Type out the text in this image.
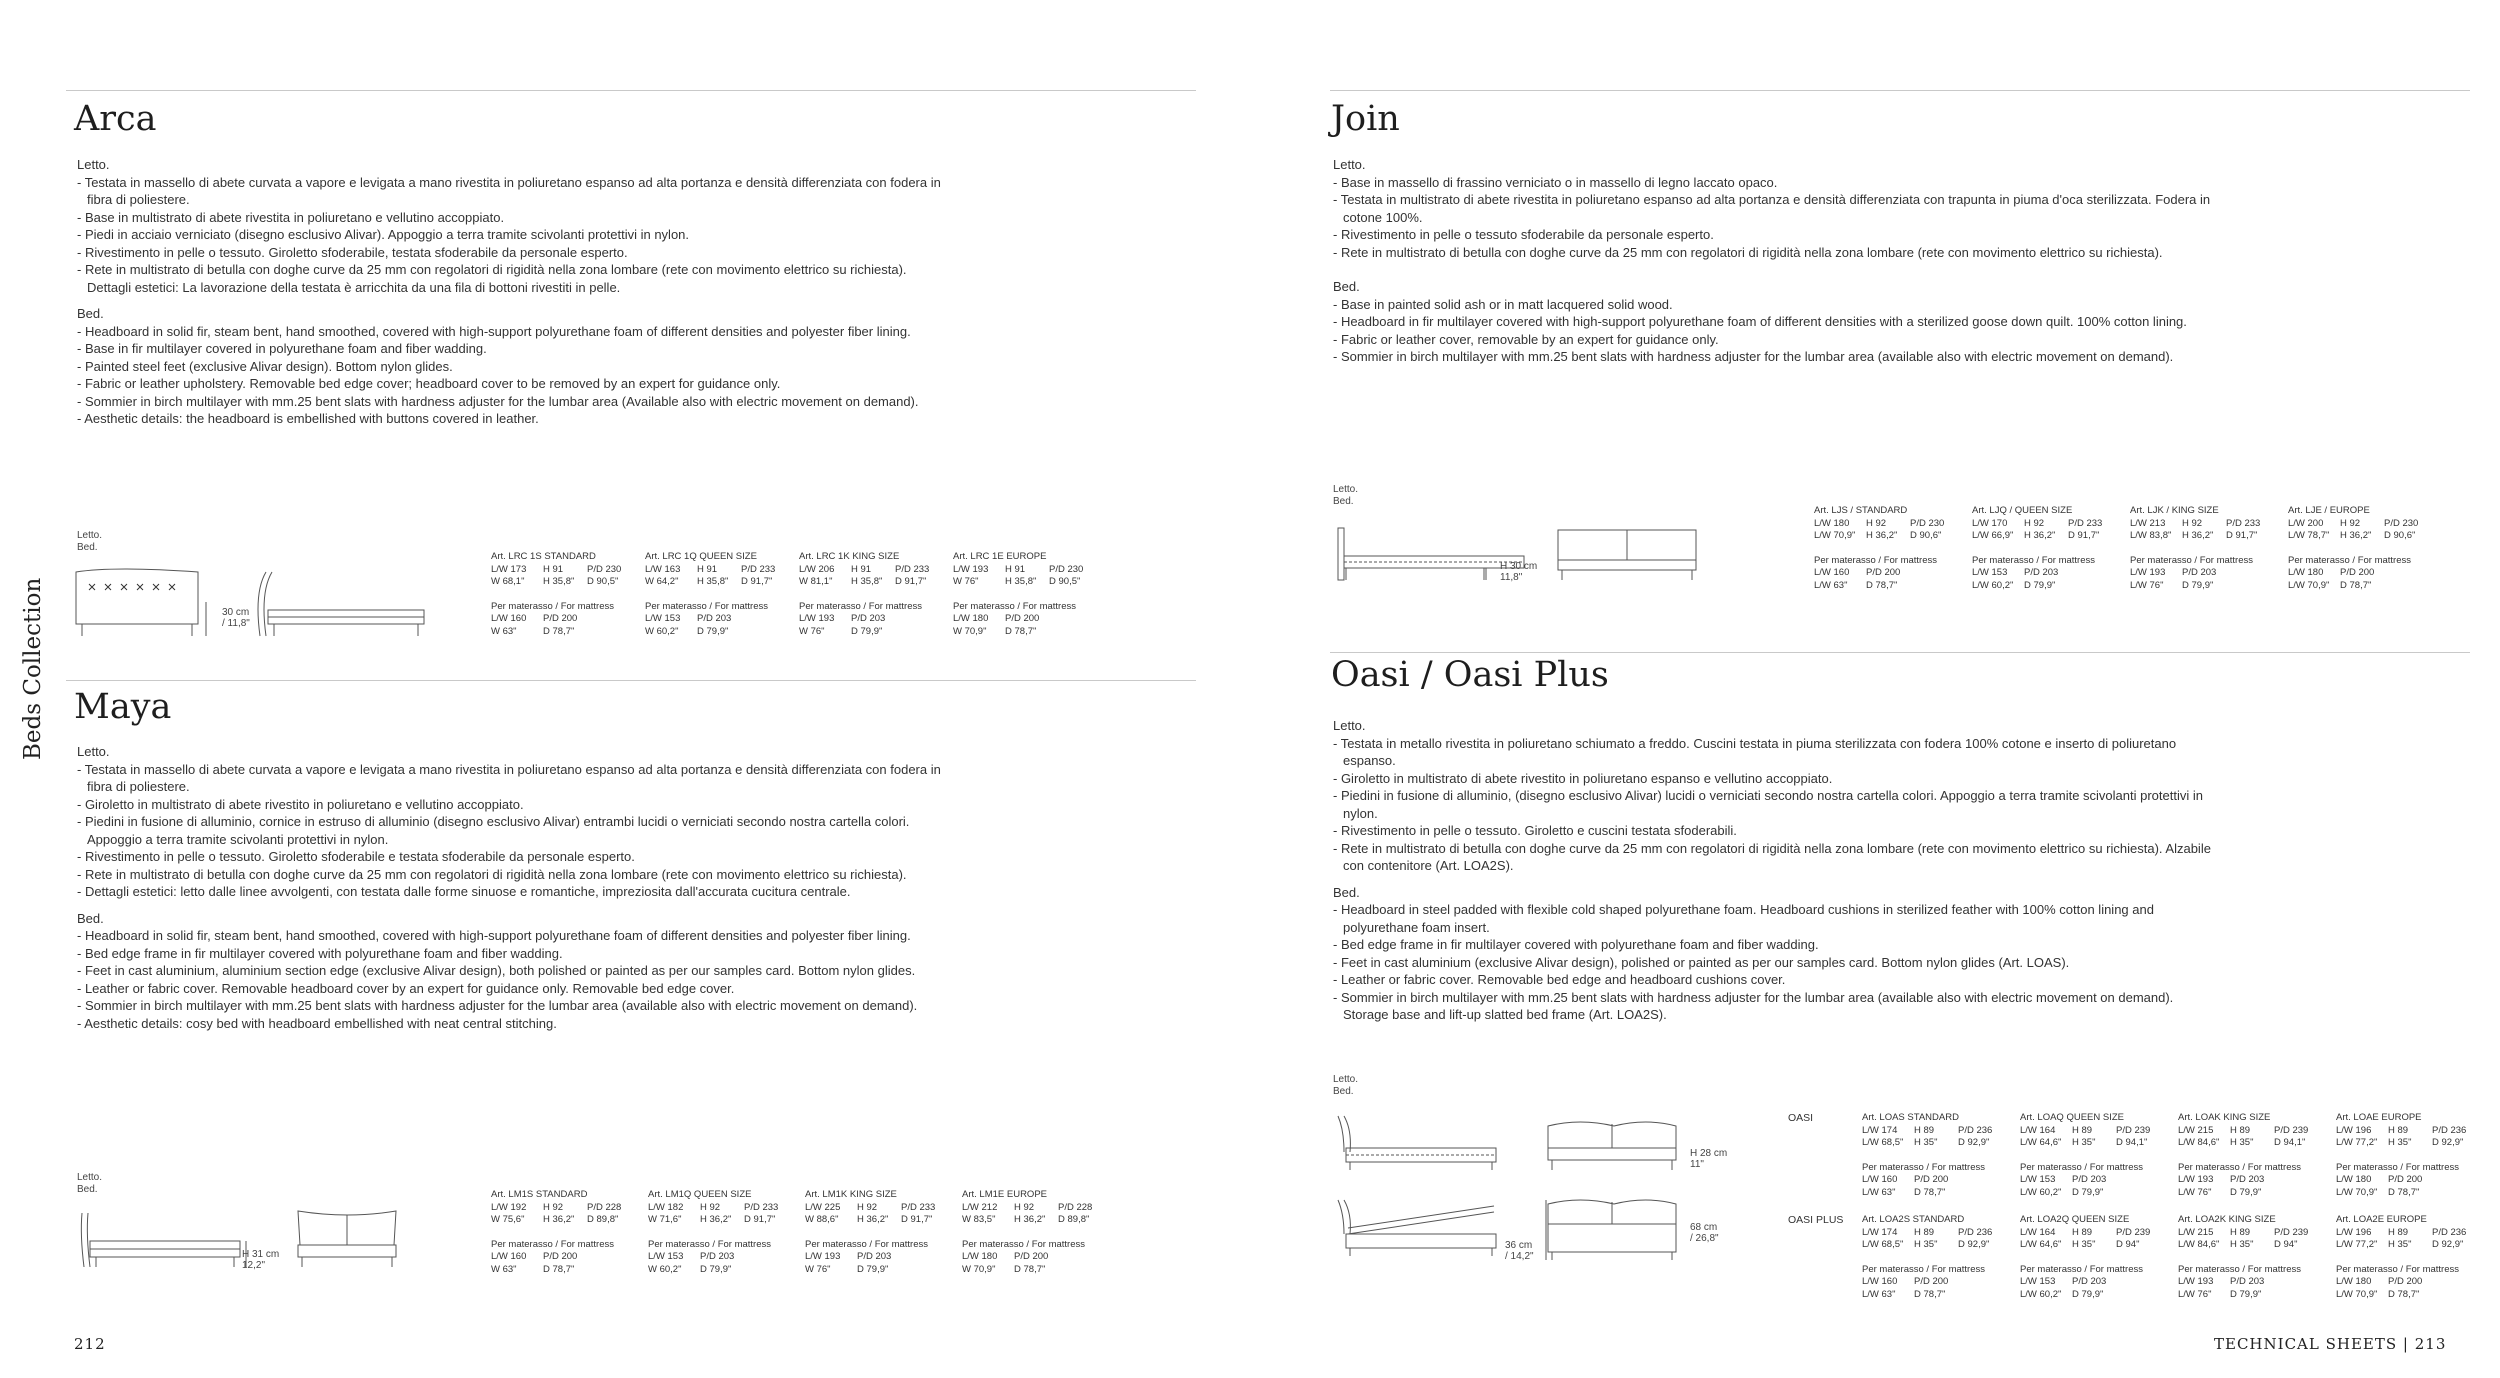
Beds Collection
212	TECHNICAL SHEETS | 213
Arca

Letto.

- Testata in massello di abete curvata a vapore e levigata a mano rivestita in poliuretano espanso ad alta portanza e densità differenziata con fodera in fibra di poliestere.

- Base in multistrato di abete rivestita in poliuretano e vellutino accoppiato.

- Piedi in acciaio verniciato (disegno esclusivo Alivar). Appoggio a terra tramite scivolanti protettivi in nylon.

- Rivestimento in pelle o tessuto. Giroletto sfoderabile, testata sfoderabile da personale esperto.

- Rete in multistrato di betulla con doghe curve da 25 mm con regolatori di rigidità nella zona lombare (rete con movimento elettrico su richiesta).

Dettagli estetici: La lavorazione della testata è arricchita da una fila di bottoni rivestiti in pelle.

Bed.

- Headboard in solid fir, steam bent, hand smoothed, covered with high-support polyurethane foam of different densities and polyester fiber lining.

- Base in fir multilayer covered in polyurethane foam and fiber wadding.

- Painted steel feet (exclusive Alivar design). Bottom nylon glides.

- Fabric or leather upholstery. Removable bed edge cover; headboard cover to be removed by an expert for guidance only.

- Sommier in birch multilayer with mm.25 bent slats with hardness adjuster for the lumbar area (Available also with electric movement on demand).

- Aesthetic details: the headboard is embellished with buttons covered in leather.

Letto.
Bed.
30 cm
/ 11,8"
Art. LRC 1S STANDARD
L/W 173	H 91	P/D 230
W 68,1"	H 35,8"	D 90,5"
Per materasso / For mattress
L/W 160	P/D 200
W 63"	D 78,7"
Art. LRC 1Q QUEEN SIZE
L/W 163	H 91	P/D 233
W 64,2"	H 35,8"	D 91,7"
Per materasso / For mattress
L/W 153	P/D 203
W 60,2"	D 79,9"
Art. LRC 1K KING SIZE
L/W 206	H 91	P/D 233
W 81,1"	H 35,8"	D 91,7"
Per materasso / For mattress
L/W 193	P/D 203
W 76"	D 79,9"
Art. LRC 1E EUROPE
L/W 193	H 91	P/D 230
W 76"	H 35,8"	D 90,5"
Per materasso / For mattress
L/W 180	P/D 200
W 70,9"	D 78,7"
Maya

Letto.

- Testata in massello di abete curvata a vapore e levigata a mano rivestita in poliuretano espanso ad alta portanza e densità differenziata con fodera in fibra di poliestere.

- Giroletto in multistrato di abete rivestito in poliuretano e vellutino accoppiato.

- Piedini in fusione di alluminio, cornice in estruso di alluminio (disegno esclusivo Alivar) entrambi lucidi o verniciati secondo nostra cartella colori. Appoggio a terra tramite scivolanti protettivi in nylon.

- Rivestimento in pelle o tessuto. Giroletto sfoderabile e testata sfoderabile da personale esperto.

- Rete in multistrato di betulla con doghe curve da 25 mm con regolatori di rigidità nella zona lombare (rete con movimento elettrico su richiesta).

- Dettagli estetici: letto dalle linee avvolgenti, con testata dalle forme sinuose e romantiche, impreziosita dall'accurata cucitura centrale.

Bed.

- Headboard in solid fir, steam bent, hand smoothed, covered with high-support polyurethane foam of different densities and polyester fiber lining.

- Bed edge frame in fir multilayer covered with polyurethane foam and fiber wadding.

- Feet in cast aluminium, aluminium section edge (exclusive Alivar design), both polished or painted as per our samples card. Bottom nylon glides.

- Leather or fabric cover. Removable headboard cover by an expert for guidance only. Removable bed edge cover.

- Sommier in birch multilayer with mm.25 bent slats with hardness adjuster for the lumbar area (available also with electric movement on demand).

- Aesthetic details: cosy bed with headboard embellished with neat central stitching.

Letto.
Bed.
H 31 cm
12,2"
Art. LM1S STANDARD
L/W 192	H 92	P/D 228
W 75,6"	H 36,2"	D 89,8"
Per materasso / For mattress
L/W 160	P/D 200
W 63"	D 78,7"
Art. LM1Q QUEEN SIZE
L/W 182	H 92	P/D 233
W 71,6"	H 36,2"	D 91,7"
Per materasso / For mattress
L/W 153	P/D 203
W 60,2"	D 79,9"
Art. LM1K KING SIZE
L/W 225	H 92	P/D 233
W 88,6"	H 36,2"	D 91,7"
Per materasso / For mattress
L/W 193	P/D 203
W 76"	D 79,9"
Art. LM1E EUROPE
L/W 212	H 92	P/D 228
W 83,5"	H 36,2"	D 89,8"
Per materasso / For mattress
L/W 180	P/D 200
W 70,9"	D 78,7"
Join

Letto.

- Base in massello di frassino verniciato o in massello di legno laccato opaco.

- Testata in multistrato di abete rivestita in poliuretano espanso ad alta portanza e densità differenziata con trapunta in piuma d'oca sterilizzata. Fodera in cotone 100%.

- Rivestimento in pelle o tessuto sfoderabile da personale esperto.

- Rete in multistrato di betulla con doghe curve da 25 mm con regolatori di rigidità nella zona lombare (rete con movimento elettrico su richiesta).

Bed.

- Base in painted solid ash or in matt lacquered solid wood.

- Headboard in fir multilayer covered with high-support polyurethane foam of different densities with a sterilized goose down quilt. 100% cotton lining.

- Fabric or leather cover, removable by an expert for guidance only.

- Sommier in birch multilayer with mm.25 bent slats with hardness adjuster for the lumbar area (available also with electric movement on demand).

Letto.
Bed.
H 30 cm
11,8"
Art. LJS / STANDARD
L/W 180	H 92	P/D 230
L/W 70,9"	H 36,2"	D 90,6"
Per materasso / For mattress
L/W 160	P/D 200
L/W 63"	D 78,7"
Art. LJQ / QUEEN SIZE
L/W 170	H 92	P/D 233
L/W 66,9"	H 36,2"	D 91,7"
Per materasso / For mattress
L/W 153	P/D 203
L/W 60,2"	D 79,9"
Art. LJK / KING SIZE
L/W 213	H 92	P/D 233
L/W 83,8"	H 36,2"	D 91,7"
Per materasso / For mattress
L/W 193	P/D 203
L/W 76"	D 79,9"
Art. LJE / EUROPE
L/W 200	H 92	P/D 230
L/W 78,7"	H 36,2"	D 90,6"
Per materasso / For mattress
L/W 180	P/D 200
L/W 70,9"	D 78,7"
Oasi / Oasi Plus

Letto.

- Testata in metallo rivestita in poliuretano schiumato a freddo. Cuscini testata in piuma sterilizzata con fodera 100% cotone e inserto di poliuretano espanso.

- Giroletto in multistrato di abete rivestito in poliuretano espanso e vellutino accoppiato.

- Piedini in fusione di alluminio, (disegno esclusivo Alivar) lucidi o verniciati secondo nostra cartella colori. Appoggio a terra tramite scivolanti protettivi in nylon.

- Rivestimento in pelle o tessuto. Giroletto e cuscini testata sfoderabili.

- Rete in multistrato di betulla con doghe curve da 25 mm con regolatori di rigidità nella zona lombare (rete con movimento elettrico su richiesta). Alzabile con contenitore (Art. LOA2S).

Bed.

- Headboard in steel padded with flexible cold shaped polyurethane foam. Headboard cushions in sterilized feather with 100% cotton lining and polyurethane foam insert.

- Bed edge frame in fir multilayer covered with polyurethane foam and fiber wadding.

- Feet in cast aluminium (exclusive Alivar design), polished or painted as per our samples card. Bottom nylon glides (Art. LOAS).

- Leather or fabric cover. Removable bed edge and headboard cushions cover.

- Sommier in birch multilayer with mm.25 bent slats with hardness adjuster for the lumbar area (available also with electric movement on demand). Storage base and lift-up slatted bed frame (Art. LOA2S).

Letto.
Bed.
H 28 cm
11"
68 cm
/ 26,8"
36 cm
/ 14,2"
OASI
OASI PLUS
Art. LOAS STANDARD
L/W 174	H 89	P/D 236
L/W 68,5"	H 35"	D 92,9"
Per materasso / For mattress
L/W 160	P/D 200
L/W 63"	D 78,7"
Art. LOAQ QUEEN SIZE
L/W 164	H 89	P/D 239
L/W 64,6"	H 35"	D 94,1"
Per materasso / For mattress
L/W 153	P/D 203
L/W 60,2"	D 79,9"
Art. LOAK KING SIZE
L/W 215	H 89	P/D 239
L/W 84,6"	H 35"	D 94,1"
Per materasso / For mattress
L/W 193	P/D 203
L/W 76"	D 79,9"
Art. LOAE EUROPE
L/W 196	H 89	P/D 236
L/W 77,2"	H 35"	D 92,9"
Per materasso / For mattress
L/W 180	P/D 200
L/W 70,9"	D 78,7"
Art. LOA2S STANDARD
L/W 174	H 89	P/D 236
L/W 68,5"	H 35"	D 92,9"
Per materasso / For mattress
L/W 160	P/D 200
L/W 63"	D 78,7"
Art. LOA2Q QUEEN SIZE
L/W 164	H 89	P/D 239
L/W 64,6"	H 35"	D 94"
Per materasso / For mattress
L/W 153	P/D 203
L/W 60,2"	D 79,9"
Art. LOA2K KING SIZE
L/W 215	H 89	P/D 239
L/W 84,6"	H 35"	D 94"
Per materasso / For mattress
L/W 193	P/D 203
L/W 76"	D 79,9"
Art. LOA2E EUROPE
L/W 196	H 89	P/D 236
L/W 77,2"	H 35"	D 92,9"
Per materasso / For mattress
L/W 180	P/D 200
L/W 70,9"	D 78,7"
